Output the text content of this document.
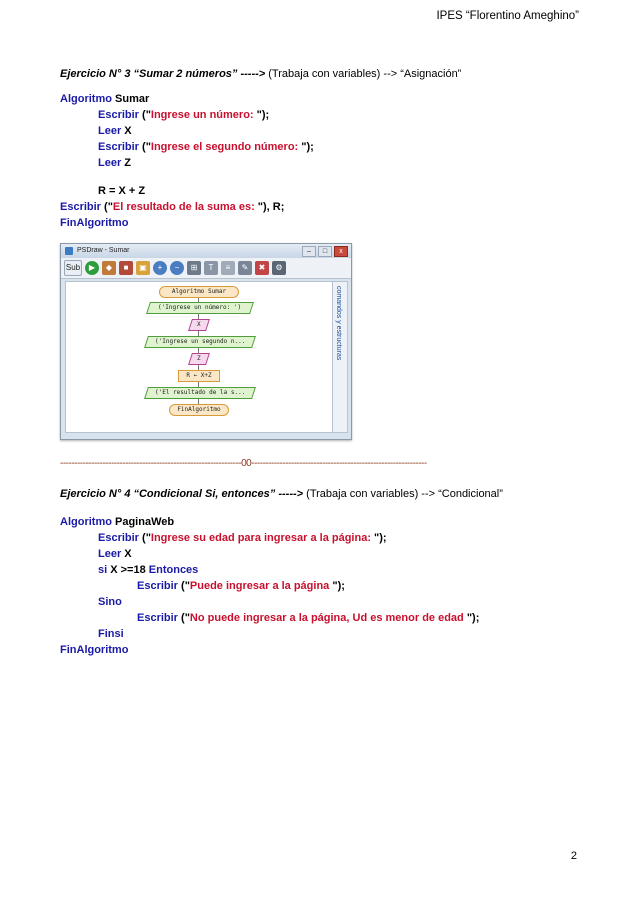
IPES “Florentino Ameghino”
Ejercicio N° 3 “Sumar 2 números” -----> (Trabaja con variables) --> “Asignación”
Algoritmo Sumar
Escribir ("Ingrese un número: ");
Leer X
Escribir ("Ingrese el segundo número: ");
Leer Z
R = X + Z
Escribir ("El resultado de la suma es: "), R;
FinAlgoritmo
PSDraw - Sumar	–	□	x
Sub	▶	◆	■	▣	+	−	⊞	T	≡	✎	✖	⚙
Algoritmo Sumar
('Ingrese un número: ')
X
('Ingrese un segundo n...
Z
R ← X+Z
('El resultado de la s...
FinAlgoritmo
comandos y estructuras
----------------------------------------------------------------00--------------------------------------------------------------
Ejercicio N° 4 “Condicional Si, entonces” -----> (Trabaja con variables) --> “Condicional”
Algoritmo PaginaWeb
Escribir ("Ingrese su edad para ingresar a la página: ");
Leer X
si X >=18 Entonces
Escribir ("Puede ingresar a la página ");
Sino
Escribir ("No puede ingresar a la página, Ud es menor de edad ");
Finsi
FinAlgoritmo
2
